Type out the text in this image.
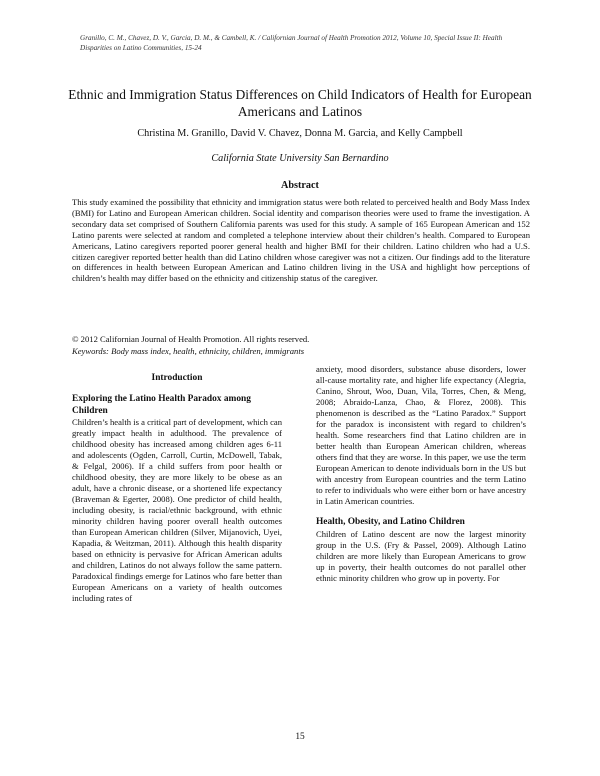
Granillo, C. M., Chavez, D. V., Garcia, D. M., & Cambell, K. / Californian Journal of Health Promotion 2012, Volume 10, Special Issue II: Health Disparities on Latino Communities, 15-24
Ethnic and Immigration Status Differences on Child Indicators of Health for European Americans and Latinos
Christina M. Granillo, David V. Chavez, Donna M. Garcia, and Kelly Campbell
California State University San Bernardino
Abstract
This study examined the possibility that ethnicity and immigration status were both related to perceived health and Body Mass Index (BMI) for Latino and European American children. Social identity and comparison theories were used to frame the investigation. A secondary data set comprised of Southern California parents was used for this study. A sample of 165 European American and 152 Latino parents were selected at random and completed a telephone interview about their children’s health. Compared to European Americans, Latino caregivers reported poorer general health and higher BMI for their children. Latino children who had a U.S. citizen caregiver reported better health than did Latino children whose caregiver was not a citizen. Our findings add to the literature on differences in health between European American and Latino children living in the USA and highlight how perceptions of children’s health may differ based on the ethnicity and citizenship status of the caregiver.
© 2012 Californian Journal of Health Promotion. All rights reserved.
Keywords: Body mass index, health, ethnicity, children, immigrants
Introduction
Exploring the Latino Health Paradox among Children

Children’s health is a critical part of development, which can greatly impact health in adulthood. The prevalence of childhood obesity has increased among children ages 6-11 and adolescents (Ogden, Carroll, Curtin, McDowell, Tabak, & Felgal, 2006). If a child suffers from poor health or childhood obesity, they are more likely to be obese as an adult, have a chronic disease, or a shortened life expectancy (Braveman & Egerter, 2008). One predictor of child health, including obesity, is racial/ethnic background, with ethnic minority children having poorer overall health outcomes than European American children (Silver, Mijanovich, Uyei, Kapadia, & Weitzman, 2011). Although this health disparity based on ethnicity is pervasive for African American adults and children, Latinos do not always follow the same pattern. Paradoxical findings emerge for Latinos who fare better than European Americans on a variety of health outcomes including rates of

anxiety, mood disorders, substance abuse disorders, lower all-cause mortality rate, and higher life expectancy (Alegria, Canino, Shrout, Woo, Duan, Vila, Torres, Chen, & Meng, 2008; Abraido-Lanza, Chao, & Florez, 2008). This phenomenon is described as the “Latino Paradox.” Support for the paradox is inconsistent with regard to children’s health. Some researchers find that Latino children are in better health than European American children, whereas others find that they are worse. In this paper, we use the term European American to denote individuals born in the US but with ancestry from European countries and the term Latino to refer to individuals who were either born or have ancestry in Latin American countries.

Health, Obesity, and Latino Children

Children of Latino descent are now the largest minority group in the U.S. (Fry & Passel, 2009). Although Latino children are more likely than European Americans to grow up in poverty, their health outcomes do not parallel other ethnic minority children who grow up in poverty. For

15
